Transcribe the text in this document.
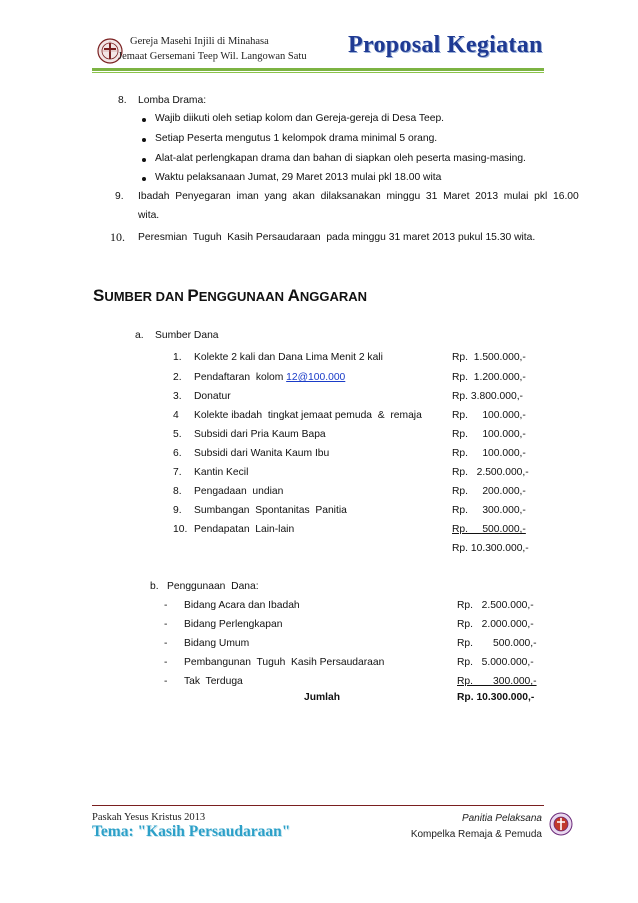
Gereja Masehi Injili di Minahasa
Jemaat Gersemani Teep Wil. Langowan Satu Proposal Kegiatan
8. Lomba Drama:
Wajib diikuti oleh setiap kolom dan Gereja-gereja di Desa Teep.
Setiap Peserta mengutus 1 kelompok drama minimal 5 orang.
Alat-alat perlengkapan drama dan bahan di siapkan oleh peserta masing-masing.
Waktu pelaksanaan Jumat, 29 Maret 2013 mulai pkl 18.00 wita
9. Ibadah  Penyegaran  iman  yang  akan  dilaksanakan  minggu  31  Maret  2013  mulai  pkl  16.00
wita.
10. Peresmian  Tuguh  Kasih Persaudaraan  pada minggu 31 maret 2013 pukul 15.30 wita.
SUMBER DAN PENGGUNAAN ANGGARAN
a. Sumber Dana
1. Kolekte 2 kali dan Dana Lima Menit 2 kali	Rp.  1.500.000,-
2. Pendaftaran  kolom 12@100.000	Rp.  1.200.000,-
3. Donatur	Rp. 3.800.000,-
4 Kolekte ibadah  tingkat jemaat pemuda  &  remaja	Rp.     100.000,-
5. Subsidi dari Pria Kaum Bapa	Rp.     100.000,-
6. Subsidi dari Wanita Kaum Ibu	Rp.     100.000,-
7. Kantin Kecil	Rp.   2.500.000,-
8. Pengadaan  undian	Rp.     200.000,-
9. Sumbangan  Spontanitas  Panitia	Rp.     300.000,-
10. Pendapatan  Lain-lain	Rp.     500.000,-
Rp. 10.300.000,-
b. Penggunaan  Dana:
- Bidang Acara dan Ibadah	Rp.   2.500.000,-
- Bidang Perlengkapan	Rp.   2.000.000,-
- Bidang Umum	Rp.       500.000,-
- Pembangunan  Tuguh  Kasih Persaudaraan	Rp.   5.000.000,-
- Tak  Terduga	Rp.       300.000,-
Jumlah	Rp. 10.300.000,-
Paskah Yesus Kristus 2013
Tema: "Kasih Persaudaraan"
Panitia Pelaksana
Kompelka Remaja & Pemuda
